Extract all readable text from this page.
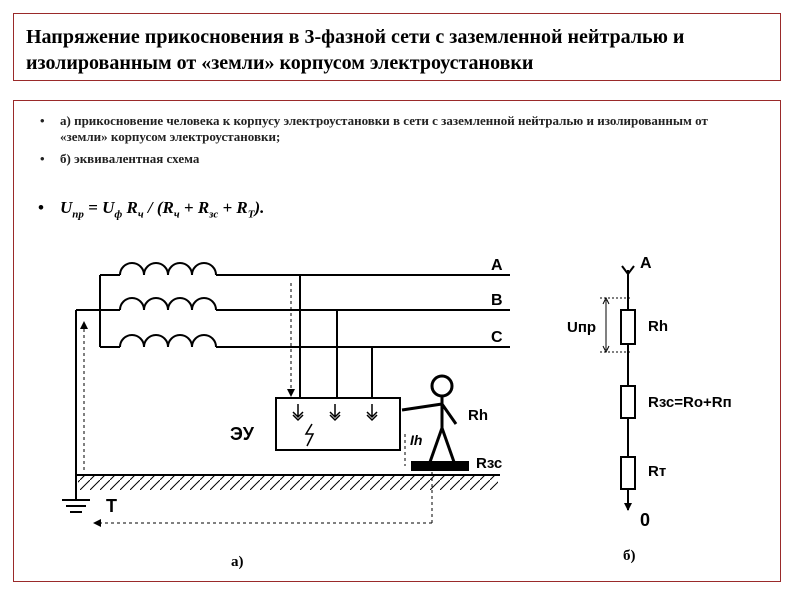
Напряжение прикосновения в 3-фазной сети с заземленной нейтралью и изолированным от «земли» корпусом электроустановки
• а) прикосновение человека к корпусу электроустановки в сети с заземленной нейтралью и изолированным от «земли» корпусом электроустановки;
• б) эквивалентная схема
• $U_{пр} = U_ф$ $R_ч / (R_ч + R_{зс} + R_Т)$.
A
B
C
ЭУ	Ih
Rh
Rзс
T
а)
A
Uпр	Rh
Rзс=Ro+Rп
Rт
0
б)
